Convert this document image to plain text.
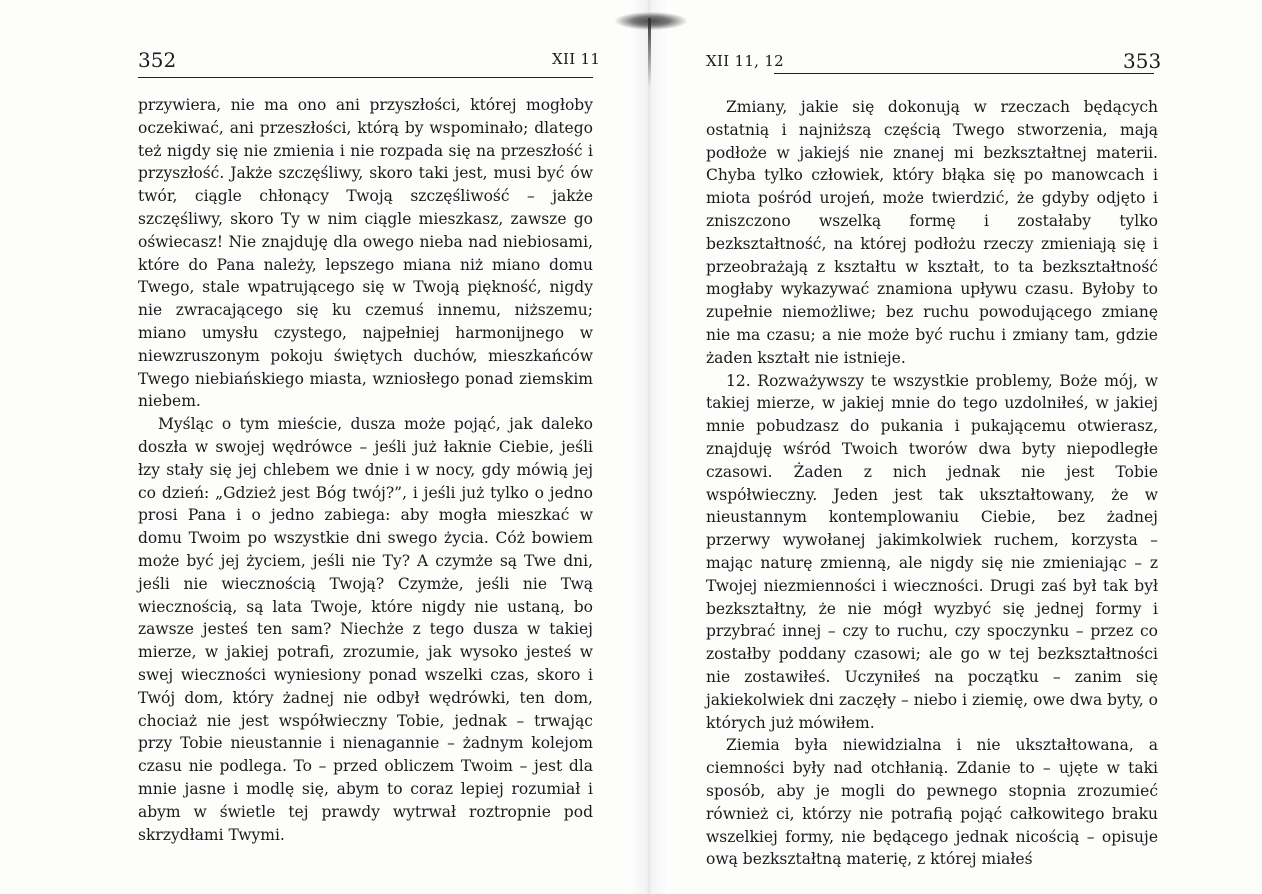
352	XII 11

przywiera, nie ma ono ani przyszłości, której mogłoby oczekiwać, ani przeszłości, którą by wspominało; dlatego też nigdy się nie zmienia i nie rozpada się na przeszłość i przyszłość. Jakże szczęśliwy, skoro taki jest, musi być ów twór, ciągle chłonący Twoją szczęśliwość – jakże szczęśliwy, skoro Ty w nim ciągle mieszkasz, zawsze go oświecasz! Nie znajduję dla owego nieba nad niebiosami, które do Pana należy, lepszego miana niż miano domu Twego, stale wpatrującego się w Twoją piękność, nigdy nie zwracającego się ku czemuś innemu, niższemu; miano umysłu czystego, najpełniej harmonijnego w niewzruszonym pokoju świętych duchów, mieszkańców Twego niebiańskiego miasta, wzniosłego ponad ziemskim niebem.

Myśląc o tym mieście, dusza może pojąć, jak daleko doszła w swojej wędrówce – jeśli już łaknie Ciebie, jeśli łzy stały się jej chlebem we dnie i w nocy, gdy mówią jej co dzień: „Gdzież jest Bóg twój?”, i jeśli już tylko o jedno prosi Pana i o jedno zabiega: aby mogła mieszkać w domu Twoim po wszystkie dni swego życia. Cóż bowiem może być jej życiem, jeśli nie Ty? A czymże są Twe dni, jeśli nie wiecznością Twoją? Czymże, jeśli nie Twą wiecznością, są lata Twoje, które nigdy nie ustaną, bo zawsze jesteś ten sam? Niechże z tego dusza w takiej mierze, w jakiej potrafi, zrozumie, jak wysoko jesteś w swej wieczności wyniesiony ponad wszelki czas, skoro i Twój dom, który żadnej nie odbył wędrówki, ten dom, chociaż nie jest współwieczny Tobie, jednak – trwając przy Tobie nieustannie i nienagannie – żadnym kolejom czasu nie podlega. To – przed obliczem Twoim – jest dla mnie jasne i modlę się, abym to coraz lepiej rozumiał i abym w świetle tej prawdy wytrwał roztropnie pod skrzydłami Twymi.

XII 11, 12	353

Zmiany, jakie się dokonują w rzeczach będących ostatnią i najniższą częścią Twego stworzenia, mają podłoże w jakiejś nie znanej mi bezkształtnej materii. Chyba tylko człowiek, który błąka się po manowcach i miota pośród urojeń, może twierdzić, że gdyby odjęto i zniszczono wszelką formę i zostałaby tylko bezkształtność, na której podłożu rzeczy zmieniają się i przeobrażają z kształtu w kształt, to ta bezkształtność mogłaby wykazywać znamiona upływu czasu. Byłoby to zupełnie niemożliwe; bez ruchu powodującego zmianę nie ma czasu; a nie może być ruchu i zmiany tam, gdzie żaden kształt nie istnieje.

12. Rozważywszy te wszystkie problemy, Boże mój, w takiej mierze, w jakiej mnie do tego uzdolniłeś, w jakiej mnie pobudzasz do pukania i pukającemu otwierasz, znajduję wśród Twoich tworów dwa byty niepodległe czasowi. Żaden z nich jednak nie jest Tobie współwieczny. Jeden jest tak ukształtowany, że w nieustannym kontemplowaniu Ciebie, bez żadnej przerwy wywołanej jakimkolwiek ruchem, korzysta – mając naturę zmienną, ale nigdy się nie zmieniając – z Twojej niezmienności i wieczności. Drugi zaś był tak był bezkształtny, że nie mógł wyzbyć się jednej formy i przybrać innej – czy to ruchu, czy spoczynku – przez co zostałby poddany czasowi; ale go w tej bezkształtności nie zostawiłeś. Uczyniłeś na początku – zanim się jakiekolwiek dni zaczęły – niebo i ziemię, owe dwa byty, o których już mówiłem.

Ziemia była niewidzialna i nie ukształtowana, a ciemności były nad otchłanią. Zdanie to – ujęte w taki sposób, aby je mogli do pewnego stopnia zrozumieć również ci, którzy nie potrafią pojąć całkowitego braku wszelkiej formy, nie będącego jednak nicością – opisuje ową bezkształtną materię, z której miałeś
